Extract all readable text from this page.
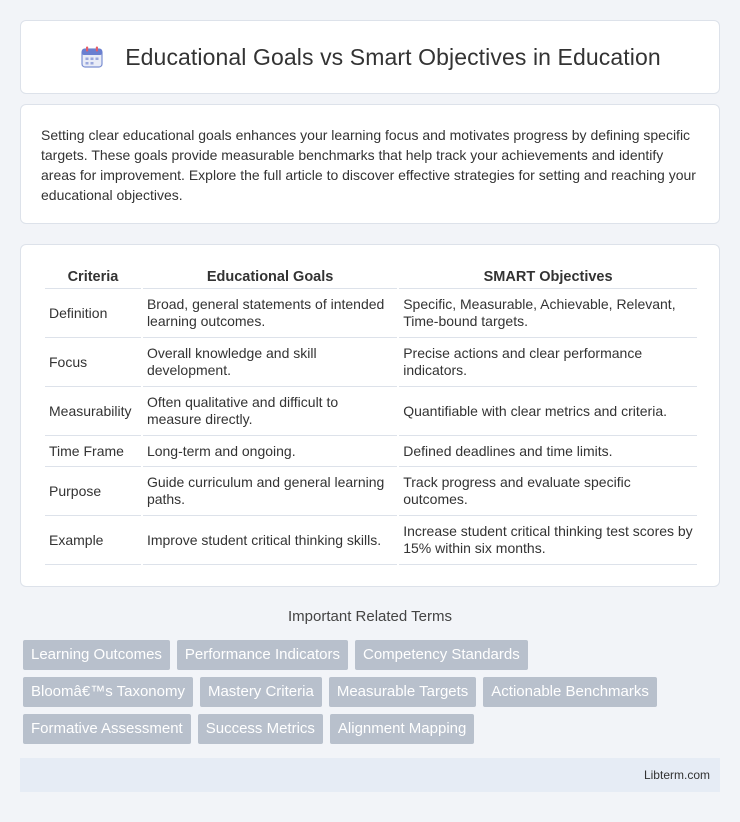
Educational Goals vs Smart Objectives in Education

Setting clear educational goals enhances your learning focus and motivates progress by defining specific targets. These goals provide measurable benchmarks that help track your achievements and identify areas for improvement. Explore the full article to discover effective strategies for setting and reaching your educational objectives.

Criteria	Educational Goals	SMART Objectives
Definition	Broad, general statements of intended learning outcomes.	Specific, Measurable, Achievable, Relevant, Time-bound targets.
Focus	Overall knowledge and skill development.	Precise actions and clear performance indicators.
Measurability	Often qualitative and difficult to measure directly.	Quantifiable with clear metrics and criteria.
Time Frame	Long-term and ongoing.	Defined deadlines and time limits.
Purpose	Guide curriculum and general learning paths.	Track progress and evaluate specific outcomes.
Example	Improve student critical thinking skills.	Increase student critical thinking test scores by 15% within six months.
Important Related Terms
Learning Outcomes	Performance Indicators	Competency Standards
Bloomâ€™s Taxonomy	Mastery Criteria	Measurable Targets	Actionable Benchmarks
Formative Assessment	Success Metrics	Alignment Mapping
Libterm.com
